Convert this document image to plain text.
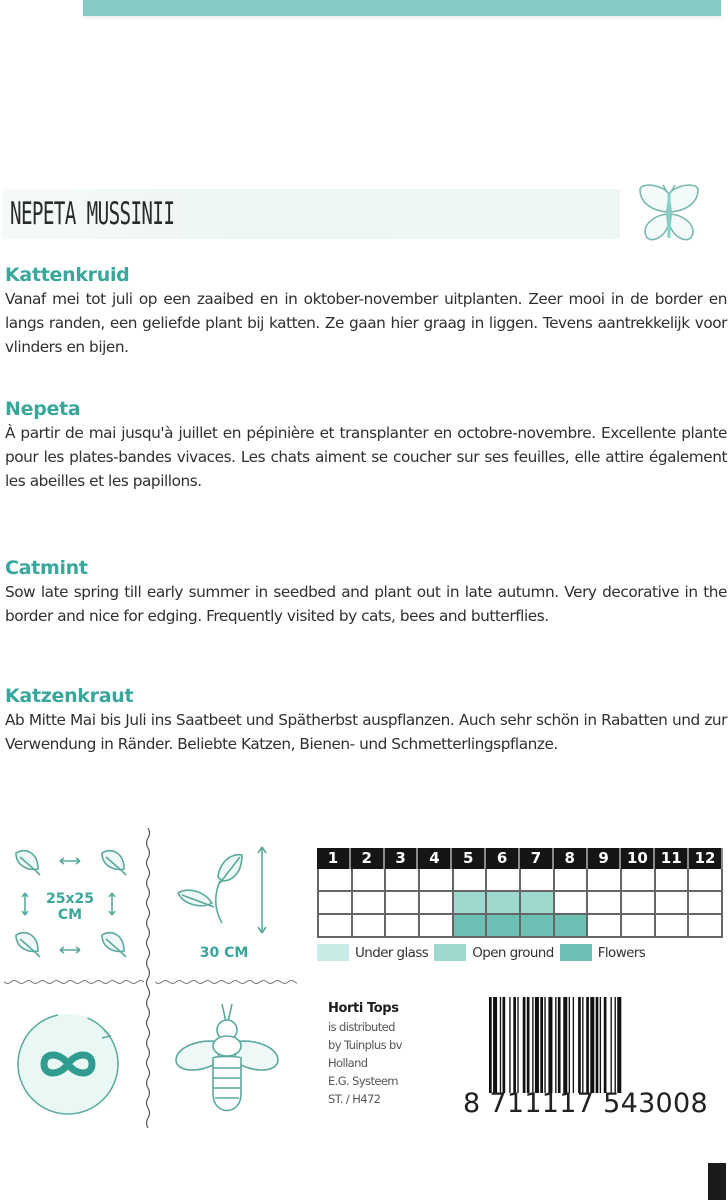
NEPETA MUSSINII
Kattenkruid

Vanaf mei tot juli op een zaaibed en in oktober-november uitplanten. Zeer mooi in de border en langs randen, een geliefde plant bij katten. Ze gaan hier graag in liggen. Tevens aantrekkelijk voor vlinders en bijen.

Nepeta

À partir de mai jusqu'à juillet en pépinière et transplanter en octobre-novembre. Excellente plante pour les plates-bandes vivaces. Les chats aiment se coucher sur ses feuilles, elle attire également les abeilles et les papillons.

Catmint

Sow late spring till early summer in seedbed and plant out in late autumn. Very decorative in the border and nice for edging. Frequently visited by cats, bees and butterflies.

Katzenkraut

Ab Mitte Mai bis Juli ins Saatbeet und Spätherbst auspflanzen. Auch sehr schön in Rabatten und zur Verwendung in Ränder. Beliebte Katzen, Bienen- und Schmetterlingspflanze.

25x25
CM
30 CM
1	2	3	4	5	6	7	8	9	10 11 12
Under glass	Open ground	Flowers
Horti Tops
is distributed
by Tuinplus bv
Holland
E.G. Systeem
ST. / H472	8 711117 543008
